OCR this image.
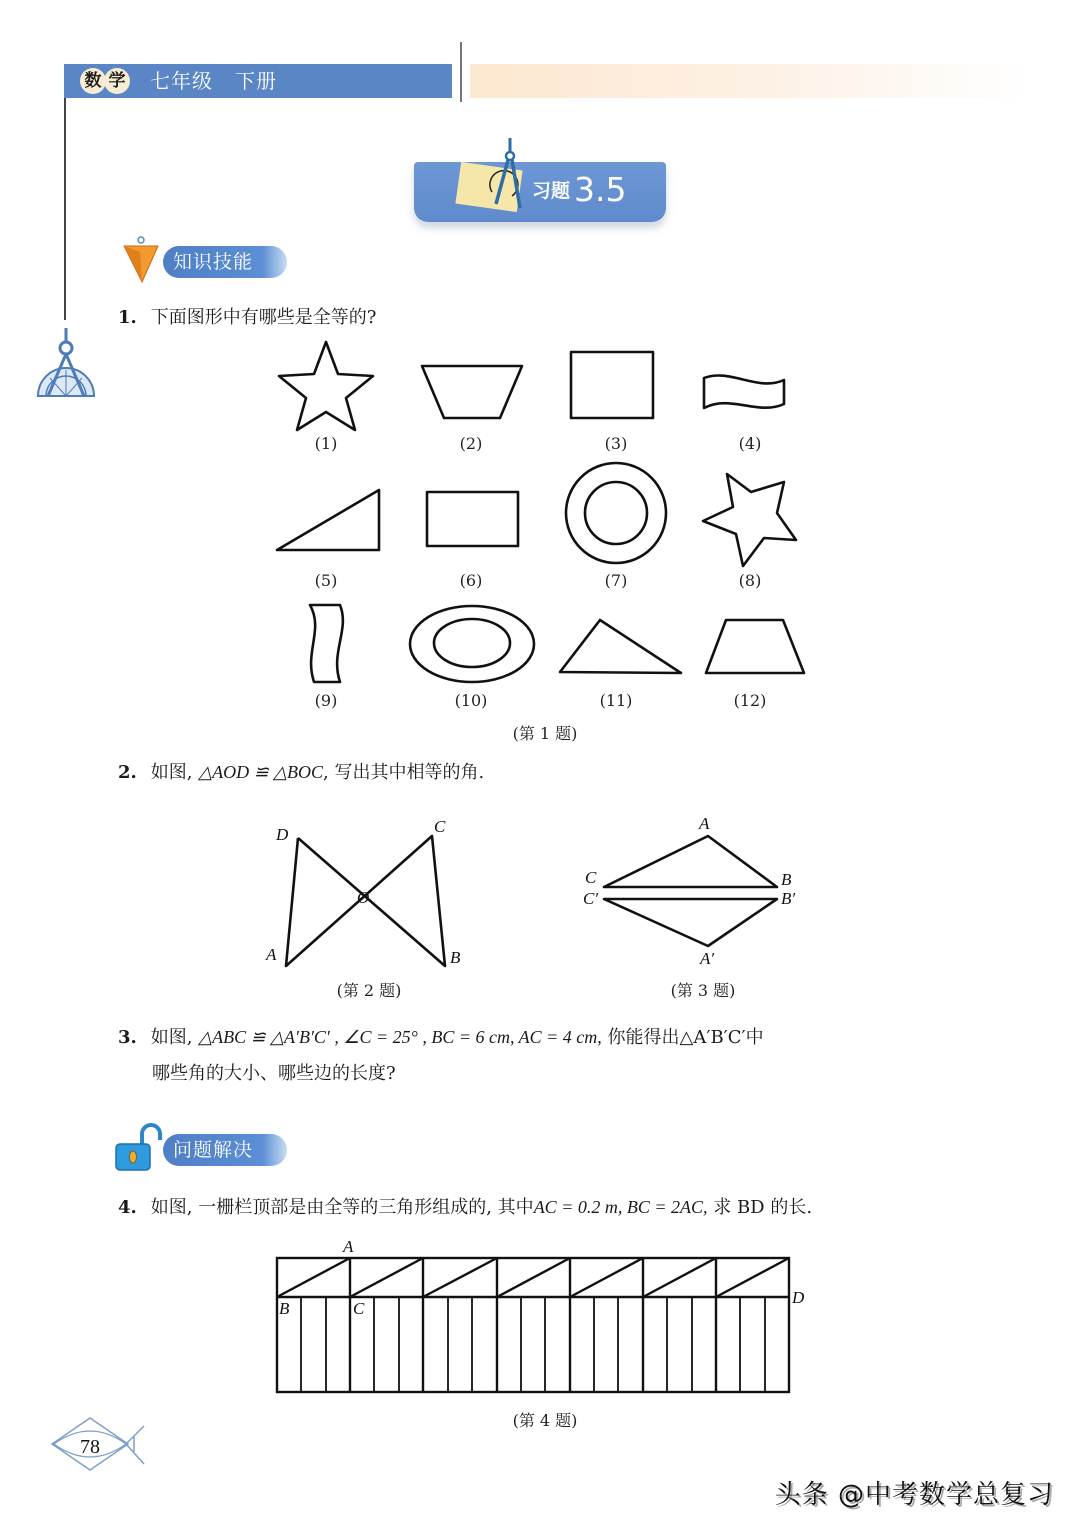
数 学	七年级   下册
习题 3.5
知识技能
1. 下面图形中有哪些是全等的?
(1)	(2)	(3)	(4)
(5)	(6)	(7)	(8)
(9)	(10)	(11)	(12)
(第 1 题)
2. 如图, △AOD ≌ △BOC, 写出其中相等的角.
D	C
O
A	B
(第 2 题)
A
C	B
C′	B′
A′
(第 3 题)
3. 如图, △ABC ≌ △A′B′C′ , ∠C = 25° , BC = 6 cm, AC = 4 cm, 你能得出△A′B′C′中
哪些角的大小、哪些边的长度?
问题解决
4. 如图, 一栅栏顶部是由全等的三角形组成的, 其中AC = 0.2 m, BC = 2AC, 求 BD 的长.
A
B	C
D
(第 4 题)
78
头条 @中考数学总复习
